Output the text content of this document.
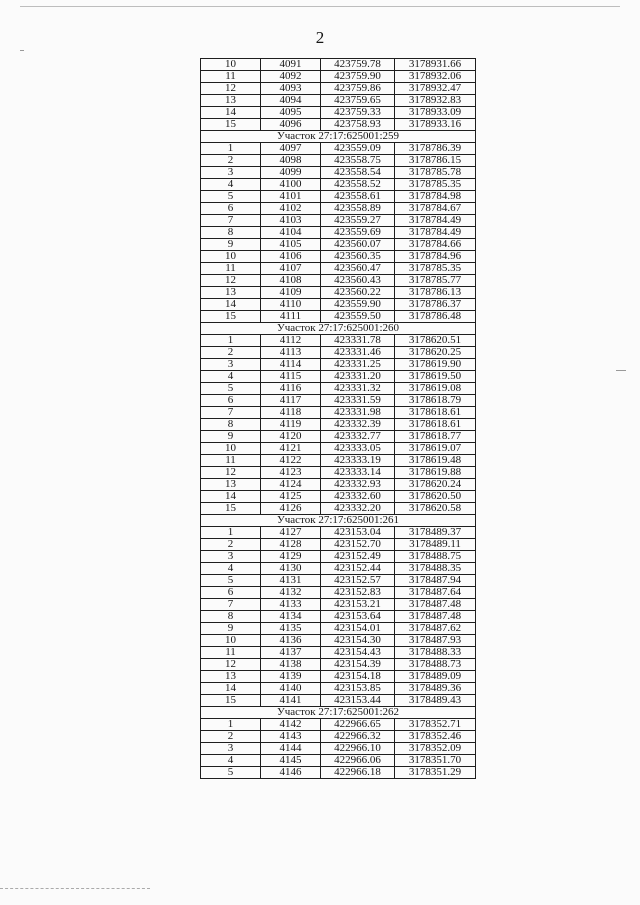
2
10	4091	423759.78	3178931.66
11	4092	423759.90	3178932.06
12	4093	423759.86	3178932.47
13	4094	423759.65	3178932.83
14	4095	423759.33	3178933.09
15	4096	423758.93	3178933.16
Участок 27:17:625001:259			
1	4097	423559.09	3178786.39
2	4098	423558.75	3178786.15
3	4099	423558.54	3178785.78
4	4100	423558.52	3178785.35
5	4101	423558.61	3178784.98
6	4102	423558.89	3178784.67
7	4103	423559.27	3178784.49
8	4104	423559.69	3178784.49
9	4105	423560.07	3178784.66
10	4106	423560.35	3178784.96
11	4107	423560.47	3178785.35
12	4108	423560.43	3178785.77
13	4109	423560.22	3178786.13
14	4110	423559.90	3178786.37
15	4111	423559.50	3178786.48
Участок 27:17:625001:260			
1	4112	423331.78	3178620.51
2	4113	423331.46	3178620.25
3	4114	423331.25	3178619.90
4	4115	423331.20	3178619.50
5	4116	423331.32	3178619.08
6	4117	423331.59	3178618.79
7	4118	423331.98	3178618.61
8	4119	423332.39	3178618.61
9	4120	423332.77	3178618.77
10	4121	423333.05	3178619.07
11	4122	423333.19	3178619.48
12	4123	423333.14	3178619.88
13	4124	423332.93	3178620.24
14	4125	423332.60	3178620.50
15	4126	423332.20	3178620.58
Участок 27:17:625001:261			
1	4127	423153.04	3178489.37
2	4128	423152.70	3178489.11
3	4129	423152.49	3178488.75
4	4130	423152.44	3178488.35
5	4131	423152.57	3178487.94
6	4132	423152.83	3178487.64
7	4133	423153.21	3178487.48
8	4134	423153.64	3178487.48
9	4135	423154.01	3178487.62
10	4136	423154.30	3178487.93
11	4137	423154.43	3178488.33
12	4138	423154.39	3178488.73
13	4139	423154.18	3178489.09
14	4140	423153.85	3178489.36
15	4141	423153.44	3178489.43
Участок 27:17:625001:262			
1	4142	422966.65	3178352.71
2	4143	422966.32	3178352.46
3	4144	422966.10	3178352.09
4	4145	422966.06	3178351.70
5	4146	422966.18	3178351.29
